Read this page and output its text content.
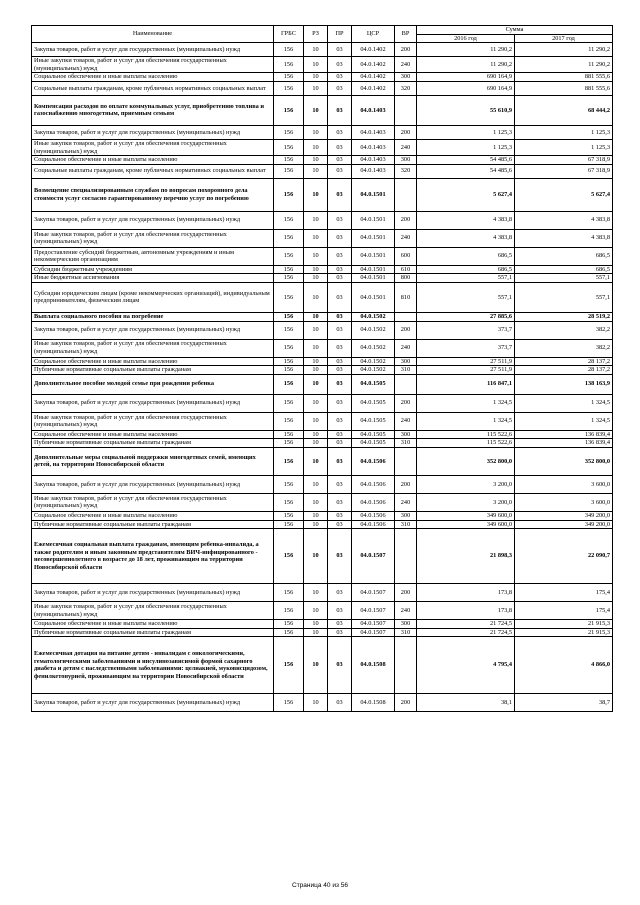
Наименование	ГРБС	РЗ	ПР	ЦСР	ВР	Сумма	
						2016 год	2017 год
Закупка товаров, работ и услуг для государственных (муниципальных) нужд	156	10	03	04.0.1402	200	11 290,2	11 290,2
Иные закупки товаров, работ и услуг для обеспечения государственных (муниципальных) нужд	156	10	03	04.0.1402	240	11 290,2	11 290,2
Социальное обеспечение и иные выплаты населению	156	10	03	04.0.1402	300	690 164,9	881 555,6
Социальные выплаты гражданам, кроме публичных нормативных социальных выплат	156	10	03	04.0.1402	320	690 164,9	881 555,6
Компенсация расходов по оплате коммунальных услуг, приобретению топлива и газоснабжению многодетным, приемным семьям	156	10	03	04.0.1403		55 610,9	68 444,2
Закупка товаров, работ и услуг для государственных (муниципальных) нужд	156	10	03	04.0.1403	200	1 125,3	1 125,3
Иные закупки товаров, работ и услуг для обеспечения государственных (муниципальных) нужд	156	10	03	04.0.1403	240	1 125,3	1 125,3
Социальное обеспечение и иные выплаты населению	156	10	03	04.0.1403	300	54 485,6	67 318,9
Социальные выплаты гражданам, кроме публичных нормативных социальных выплат	156	10	03	04.0.1403	320	54 485,6	67 318,9
Возмещение специализированным службам по вопросам похоронного дела стоимости услуг согласно гарантированному перечню услуг по погребению	156	10	03	04.0.1501		5 627,4	5 627,4
Закупка товаров, работ и услуг для государственных (муниципальных) нужд	156	10	03	04.0.1501	200	4 383,8	4 383,8
Иные закупки товаров, работ и услуг для обеспечения государственных (муниципальных) нужд	156	10	03	04.0.1501	240	4 383,8	4 383,8
Предоставление субсидий бюджетным, автономным учреждениям и иным некоммерческим организациям	156	10	03	04.0.1501	600	686,5	686,5
Субсидии бюджетным учреждениям	156	10	03	04.0.1501	610	686,5	686,5
Иные бюджетные ассигнования	156	10	03	04.0.1501	800	557,1	557,1
Субсидии юридическим лицам (кроме некоммерческих организаций), индивидуальным предпринимателям, физическим лицам	156	10	03	04.0.1501	810	557,1	557,1
Выплата социального пособия на погребение	156	10	03	04.0.1502		27 885,6	28 519,2
Закупка товаров, работ и услуг для государственных (муниципальных) нужд	156	10	03	04.0.1502	200	373,7	382,2
Иные закупки товаров, работ и услуг для обеспечения государственных (муниципальных) нужд	156	10	03	04.0.1502	240	373,7	382,2
Социальное обеспечение и иные выплаты населению	156	10	03	04.0.1502	300	27 511,9	28 137,2
Публичные нормативные социальные выплаты гражданам	156	10	03	04.0.1502	310	27 511,9	28 137,2
Дополнительное пособие молодой семье при рождении ребенка	156	10	03	04.0.1505		116 847,1	138 163,9
Закупка товаров, работ и услуг для государственных (муниципальных) нужд	156	10	03	04.0.1505	200	1 324,5	1 324,5
Иные закупки товаров, работ и услуг для обеспечения государственных (муниципальных) нужд	156	10	03	04.0.1505	240	1 324,5	1 324,5
Социальное обеспечение и иные выплаты населению	156	10	03	04.0.1505	300	115 522,6	136 839,4
Публичные нормативные социальные выплаты гражданам	156	10	03	04.0.1505	310	115 522,6	136 839,4
Дополнительные меры социальной поддержки многодетных семей, имеющих детей, на территории Новосибирской области	156	10	03	04.0.1506		352 800,0	352 800,0
Закупка товаров, работ и услуг для государственных (муниципальных) нужд	156	10	03	04.0.1506	200	3 200,0	3 600,0
Иные закупки товаров, работ и услуг для обеспечения государственных (муниципальных) нужд	156	10	03	04.0.1506	240	3 200,0	3 600,0
Социальное обеспечение и иные выплаты населению	156	10	03	04.0.1506	300	349 600,0	349 200,0
Публичные нормативные социальные выплаты гражданам	156	10	03	04.0.1506	310	349 600,0	349 200,0
Ежемесячная социальная выплата гражданам, имеющим ребенка-инвалида, а также родителям и иным законным представителям ВИЧ-инфицированного - несовершеннолетнего в возрасте до 18 лет, проживающим на территории Новосибирской области	156	10	03	04.0.1507		21 898,3	22 090,7
Закупка товаров, работ и услуг для государственных (муниципальных) нужд	156	10	03	04.0.1507	200	173,8	175,4
Иные закупки товаров, работ и услуг для обеспечения государственных (муниципальных) нужд	156	10	03	04.0.1507	240	173,8	175,4
Социальное обеспечение и иные выплаты населению	156	10	03	04.0.1507	300	21 724,5	21 915,3
Публичные нормативные социальные выплаты гражданам	156	10	03	04.0.1507	310	21 724,5	21 915,3
Ежемесячная дотация на питание детям - инвалидам с онкологическими, гематологическими заболеваниями и инсулинозависимой формой сахарного диабета и детям с наследственными заболеваниями: целиакией, муковисцидозом, фенилкетонурией, проживающим на территории Новосибирской области	156	10	03	04.0.1508		4 795,4	4 866,0
Закупка товаров, работ и услуг для государственных (муниципальных) нужд	156	10	03	04.0.1508	200	38,1	38,7
Страница 40 из 56
